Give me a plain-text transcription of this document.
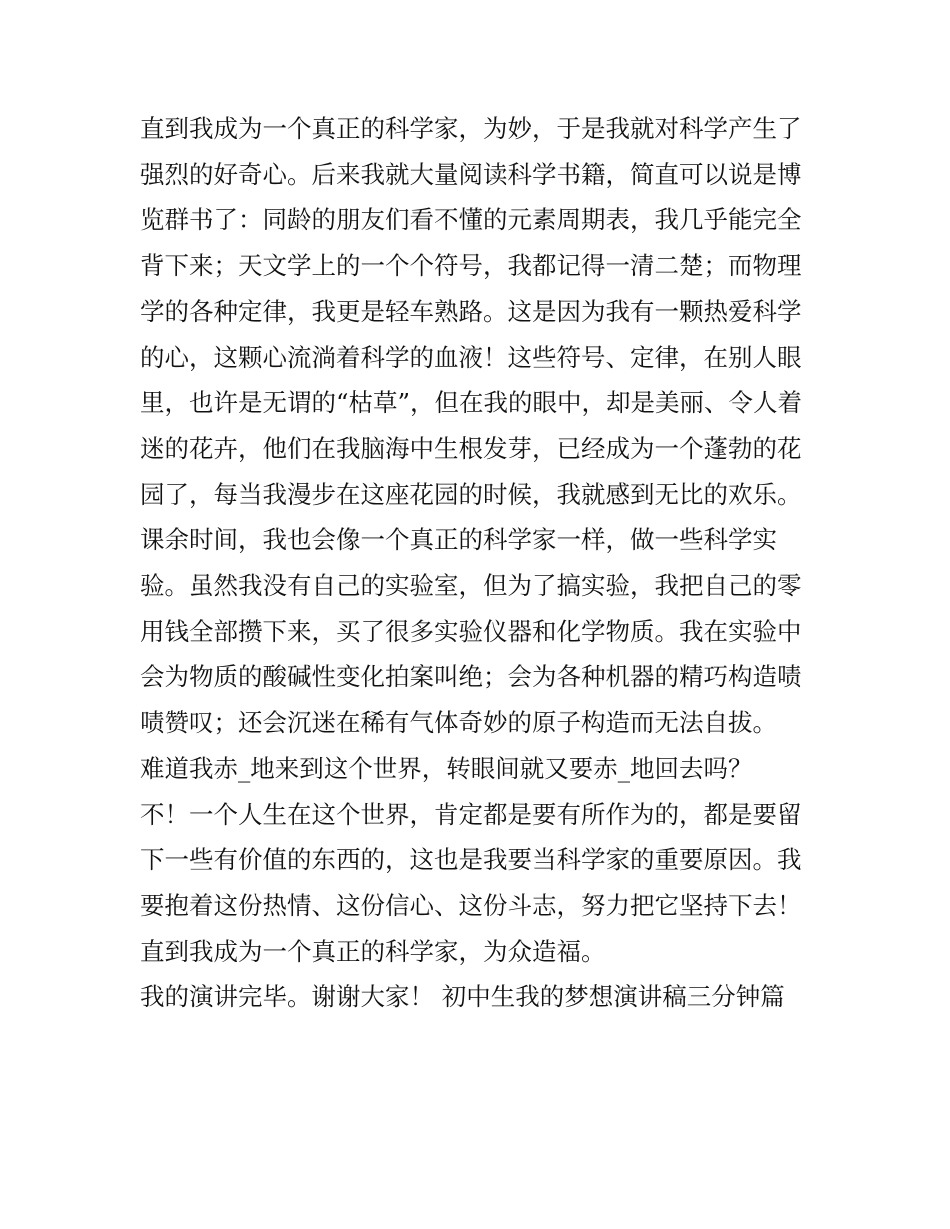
直到我成为一个真正的科学家，为妙，于是我就对科学产生了
强烈的好奇心。后来我就大量阅读科学书籍，简直可以说是博
览群书了：同龄的朋友们看不懂的元素周期表，我几乎能完全
背下来；天文学上的一个个符号，我都记得一清二楚；而物理
学的各种定律，我更是轻车熟路。这是因为我有一颗热爱科学
的心，这颗心流淌着科学的血液！这些符号、定律，在别人眼
里，也许是无谓的“枯草”，但在我的眼中，却是美丽、令人着
迷的花卉，他们在我脑海中生根发芽，已经成为一个蓬勃的花
园了，每当我漫步在这座花园的时候，我就感到无比的欢乐。
课余时间，我也会像一个真正的科学家一样，做一些科学实
验。虽然我没有自己的实验室，但为了搞实验，我把自己的零
用钱全部攒下来，买了很多实验仪器和化学物质。我在实验中
会为物质的酸碱性变化拍案叫绝；会为各种机器的精巧构造啧
啧赞叹；还会沉迷在稀有气体奇妙的原子构造而无法自拔。
难道我赤_地来到这个世界，转眼间就又要赤_地回去吗？
不！一个人生在这个世界，肯定都是要有所作为的，都是要留
下一些有价值的东西的，这也是我要当科学家的重要原因。我
要抱着这份热情、这份信心、这份斗志，努力把它坚持下去！
直到我成为一个真正的科学家，为众造福。
我的演讲完毕。谢谢大家！ 初中生我的梦想演讲稿三分钟篇
